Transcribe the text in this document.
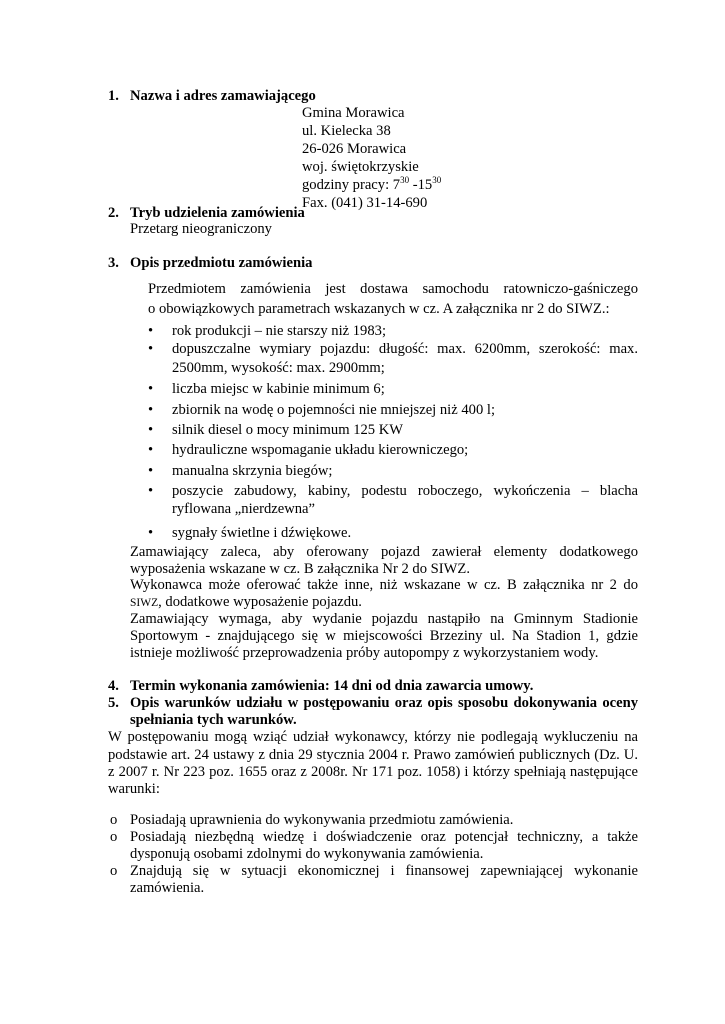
1. Nazwa i adres zamawiającego
Gmina Morawica
ul. Kielecka 38
26-026 Morawica
woj. świętokrzyskie
godziny pracy: $7^{30}$ $-15^{30}$
Fax. (041) 31-14-690
2. Tryb udzielenia zamówienia
Przetarg nieograniczony
3. Opis przedmiotu zamówienia
Przedmiotem zamówienia jest dostawa samochodu ratowniczo-gaśniczego
o obowiązkowych parametrach wskazanych w cz. A załącznika nr 2 do SIWZ.:
• rok produkcji – nie starszy niż 1983;
• dopuszczalne wymiary pojazdu: długość: max. 6200mm, szerokość: max.
2500mm, wysokość: max. 2900mm;
• liczba miejsc w kabinie minimum 6;
• zbiornik na wodę o pojemności nie mniejszej niż 400 l;
• silnik diesel o mocy minimum 125 KW
• hydrauliczne wspomaganie układu kierowniczego;
• manualna skrzynia biegów;
• poszycie zabudowy, kabiny, podestu roboczego, wykończenia – blacha
ryflowana „nierdzewna”
• sygnały świetlne i dźwiękowe.
Zamawiający zaleca, aby oferowany pojazd zawierał elementy dodatkowego
wyposażenia wskazane w cz. B załącznika Nr 2 do SIWZ.
Wykonawca może oferować także inne, niż wskazane w cz. B załącznika nr 2 do
SIWZ, dodatkowe wyposażenie pojazdu.
Zamawiający wymaga, aby wydanie pojazdu nastąpiło na Gminnym Stadionie
Sportowym - znajdującego się w miejscowości Brzeziny ul. Na Stadion 1, gdzie
istnieje możliwość przeprowadzenia próby autopompy z wykorzystaniem wody.
4. Termin wykonania zamówienia: 14 dni od dnia zawarcia umowy.
5. Opis warunków udziału w postępowaniu oraz opis sposobu dokonywania oceny
spełniania tych warunków.
W postępowaniu mogą wziąć udział wykonawcy, którzy nie podlegają wykluczeniu na
podstawie art. 24 ustawy z dnia 29 stycznia 2004 r. Prawo zamówień publicznych (Dz. U.
z 2007 r. Nr 223 poz. 1655 oraz z 2008r. Nr 171 poz. 1058) i którzy spełniają następujące
warunki:
o Posiadają uprawnienia do wykonywania przedmiotu zamówienia.
o Posiadają niezbędną wiedzę i doświadczenie oraz potencjał techniczny, a także
dysponują osobami zdolnymi do wykonywania zamówienia.
o Znajdują się w sytuacji ekonomicznej i finansowej zapewniającej wykonanie
zamówienia.
